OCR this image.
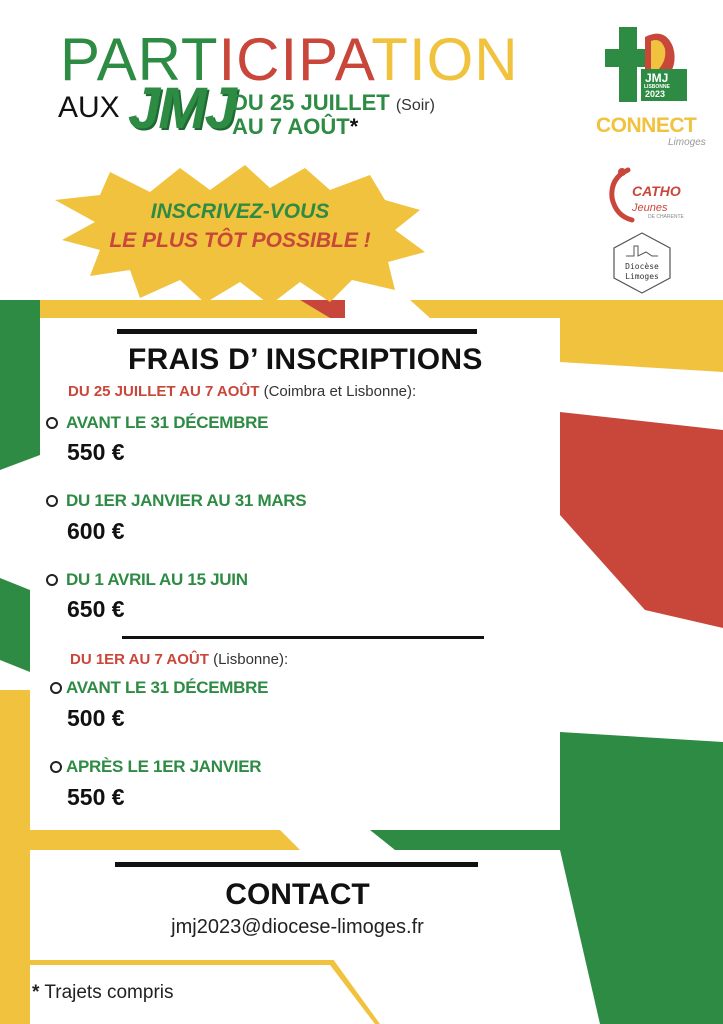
PARTICIPATION
AUX JMJ
DU 25 JUILLET (Soir)
AU 7 AOÛT*
INSCRIVEZ-VOUS
LE PLUS TÔT POSSIBLE !
JMJ
LISBONNE
2023
CONNECT
Limoges
CATHO
Jeunes
DE CHARENTE
Diocèse
Limoges
FRAIS D’ INSCRIPTIONS
DU 25 JUILLET AU 7 AOÛT (Coimbra et Lisbonne):
AVANT LE 31 DÉCEMBRE
550 €
DU 1ER JANVIER AU 31 MARS
600 €
DU 1 AVRIL AU 15 JUIN
650 €
DU 1ER AU 7 AOÛT (Lisbonne):
AVANT LE 31 DÉCEMBRE
500 €
APRÈS LE 1ER JANVIER
550 €
CONTACT
jmj2023@diocese-limoges.fr
* Trajets compris
